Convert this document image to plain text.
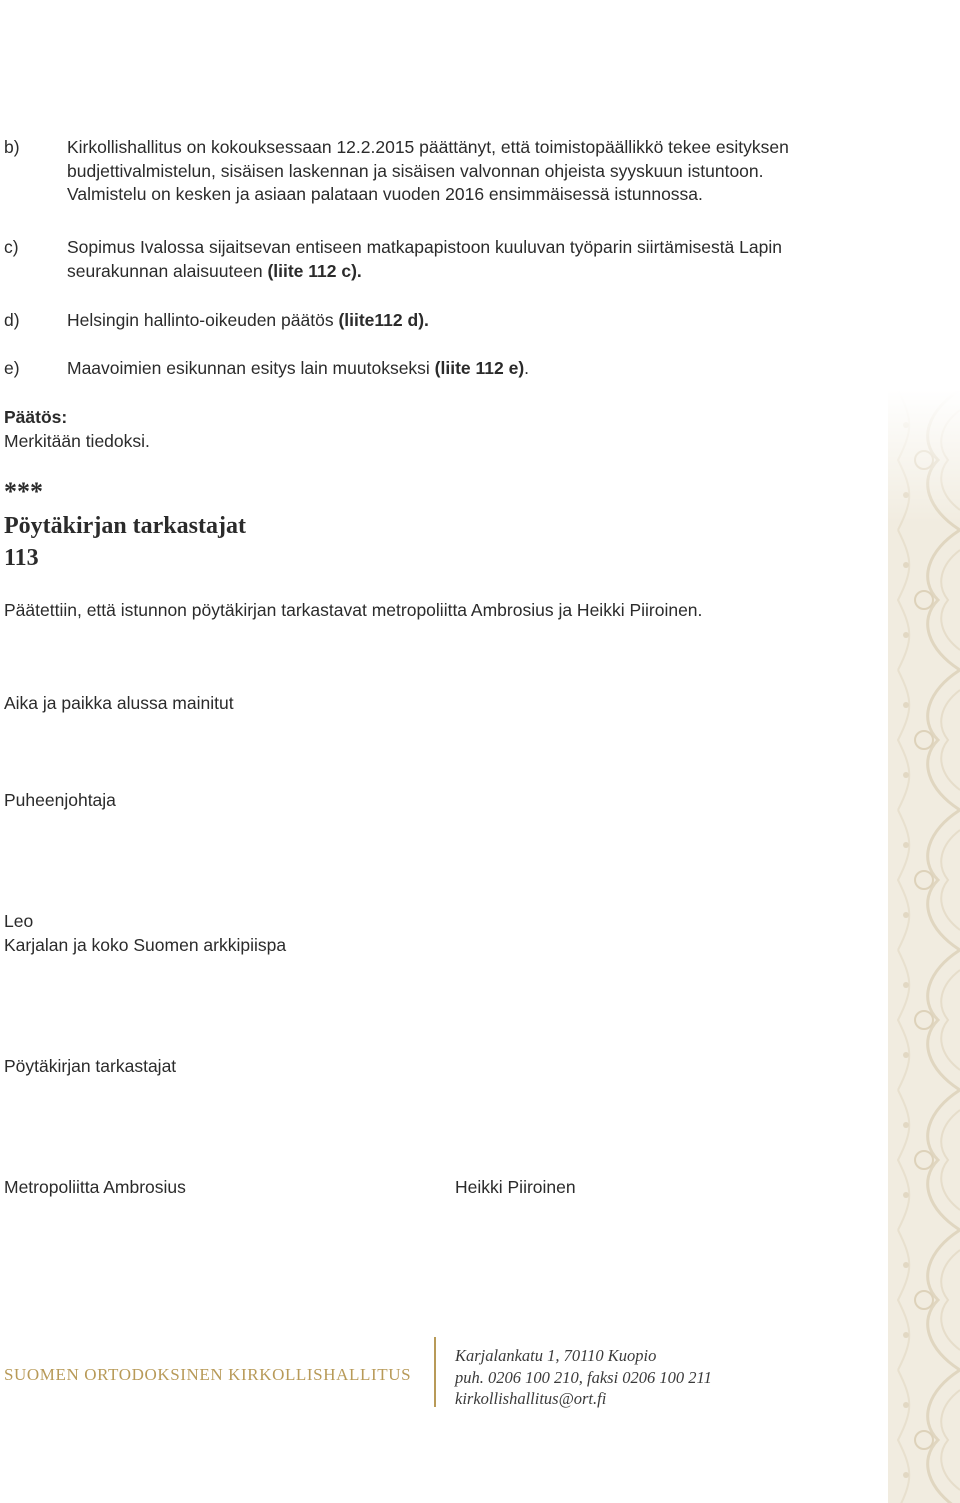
b)	Kirkollishallitus on kokouksessaan 12.2.2015 päättänyt, että toimistopäällikkö tekee esityksen
budjettivalmistelun, sisäisen laskennan ja sisäisen valvonnan ohjeista syyskuun istuntoon.
Valmistelu on kesken ja asiaan palataan vuoden 2016 ensimmäisessä istunnossa.
c)	Sopimus Ivalossa sijaitsevan entiseen matkapapistoon kuuluvan työparin siirtämisestä Lapin
seurakunnan alaisuuteen (liite 112 c).
d)	Helsingin hallinto-oikeuden päätös (liite112 d).
e)	Maavoimien esikunnan esitys lain muutokseksi (liite 112 e).
Päätös:
Merkitään tiedoksi.
***
Pöytäkirjan tarkastajat
113
Päätettiin, että istunnon pöytäkirjan tarkastavat metropoliitta Ambrosius ja Heikki Piiroinen.
Aika ja paikka alussa mainitut
Puheenjohtaja
Leo
Karjalan ja koko Suomen arkkipiispa
Pöytäkirjan tarkastajat
Metropoliitta Ambrosius	Heikki Piiroinen
SUOMEN ORTODOKSINEN KIRKOLLISHALLITUS
Karjalankatu 1, 70110 Kuopio
puh. 0206 100 210, faksi 0206 100 211
kirkollishallitus@ort.fi
